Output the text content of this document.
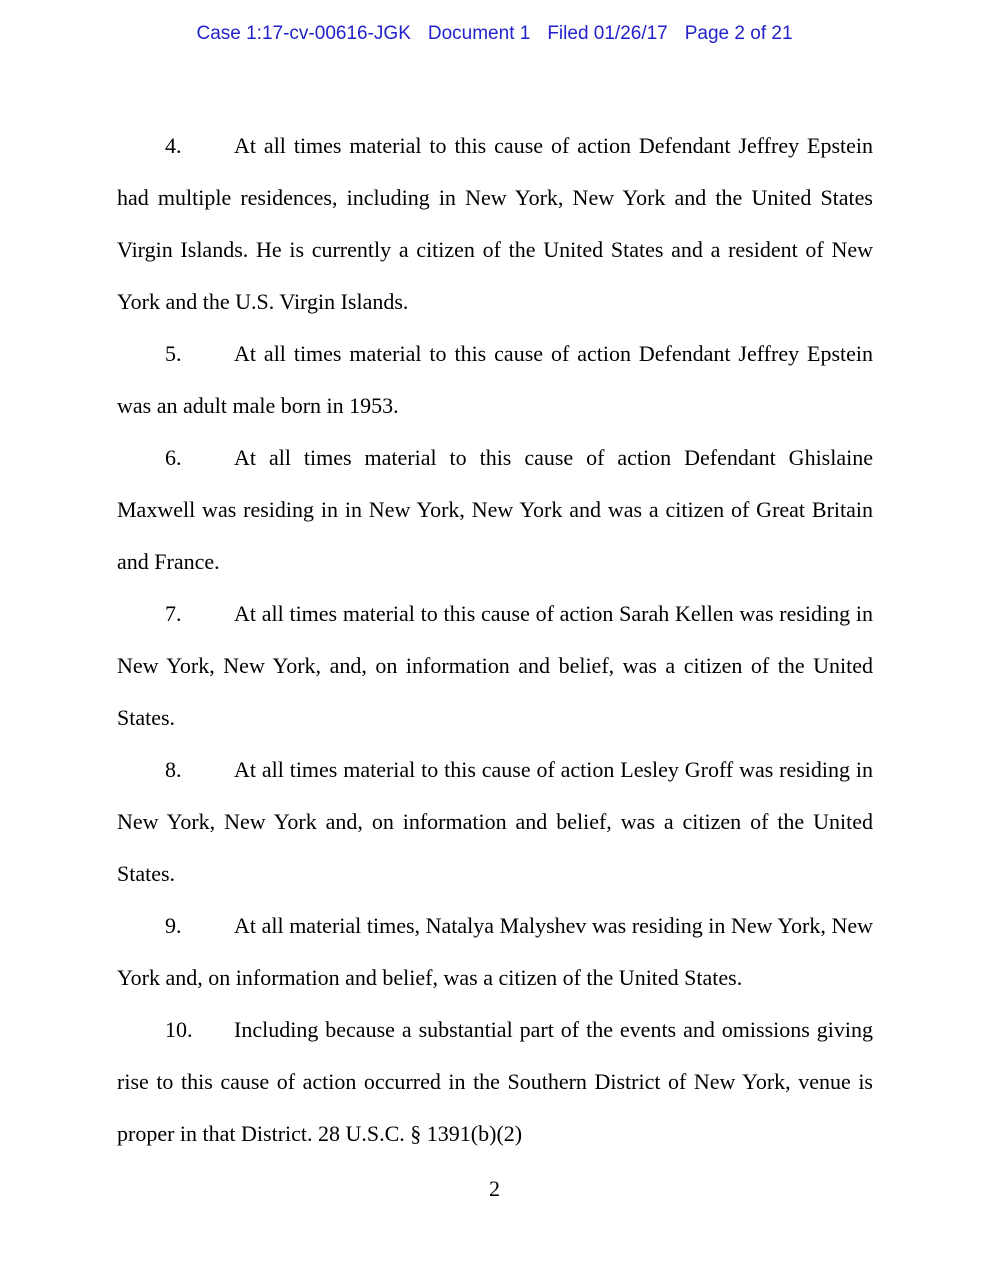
Case 1:17-cv-00616-JGK Document 1 Filed 01/26/17 Page 2 of 21

4. At all times material to this cause of action Defendant Jeffrey Epstein had multiple residences, including in New York, New York and the United States Virgin Islands. He is currently a citizen of the United States and a resident of New York and the U.S. Virgin Islands.

5. At all times material to this cause of action Defendant Jeffrey Epstein was an adult male born in 1953.

6. At all times material to this cause of action Defendant Ghislaine Maxwell was residing in in New York, New York and was a citizen of Great Britain and France.

7. At all times material to this cause of action Sarah Kellen was residing in New York, New York, and, on information and belief, was a citizen of the United States.

8. At all times material to this cause of action Lesley Groff was residing in New York, New York and, on information and belief, was a citizen of the United States.

9. At all material times, Natalya Malyshev was residing in New York, New York and, on information and belief, was a citizen of the United States.

10. Including because a substantial part of the events and omissions giving rise to this cause of action occurred in the Southern District of New York, venue is proper in that District. 28 U.S.C. § 1391(b)(2)

2
